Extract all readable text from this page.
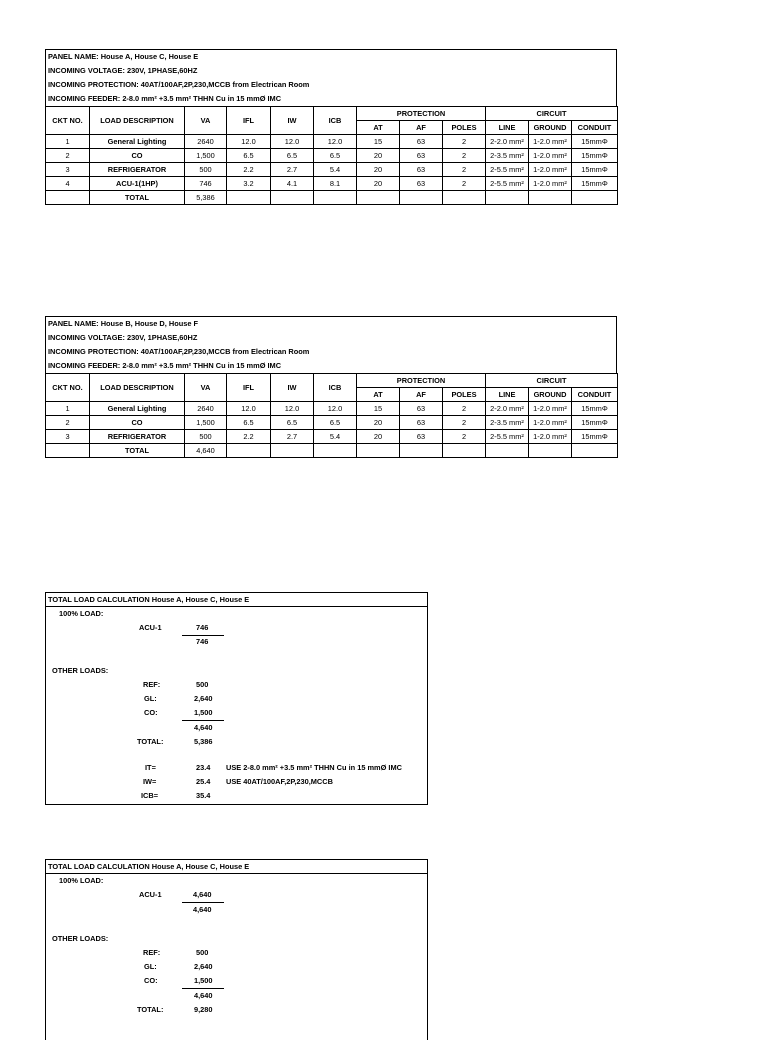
PANEL NAME: House A, House C, House E
INCOMING VOLTAGE: 230V, 1PHASE,60HZ
INCOMING PROTECTION: 40AT/100AF,2P,230,MCCB from Electrican Room
INCOMING FEEDER: 2-8.0 mm² +3.5 mm² THHN Cu in 15 mmØ IMC
CKT NO.	LOAD DESCRIPTION	VA	IFL	IW	ICB	PROTECTION			CIRCUIT		
						AT	AF	POLES	LINE	GROUND	CONDUIT
1	General Lighting	2640	12.0	12.0	12.0	15	63	2	2-2.0 mm²	1-2.0 mm²	15mmΦ
2	CO	1,500	6.5	6.5	6.5	20	63	2	2-3.5 mm²	1-2.0 mm²	15mmΦ
3	REFRIGERATOR	500	2.2	2.7	5.4	20	63	2	2-5.5 mm²	1-2.0 mm²	15mmΦ
4	ACU-1(1HP)	746	3.2	4.1	8.1	20	63	2	2-5.5 mm²	1-2.0 mm²	15mmΦ
	TOTAL	5,386									
PANEL NAME: House B, House D, House F
INCOMING VOLTAGE: 230V, 1PHASE,60HZ
INCOMING PROTECTION: 40AT/100AF,2P,230,MCCB from Electrican Room
INCOMING FEEDER: 2-8.0 mm² +3.5 mm² THHN Cu in 15 mmØ IMC
CKT NO.	LOAD DESCRIPTION	VA	IFL	IW	ICB	PROTECTION			CIRCUIT		
						AT	AF	POLES	LINE	GROUND	CONDUIT
1	General Lighting	2640	12.0	12.0	12.0	15	63	2	2-2.0 mm²	1-2.0 mm²	15mmΦ
2	CO	1,500	6.5	6.5	6.5	20	63	2	2-3.5 mm²	1-2.0 mm²	15mmΦ
3	REFRIGERATOR	500	2.2	2.7	5.4	20	63	2	2-5.5 mm²	1-2.0 mm²	15mmΦ
	TOTAL	4,640									
TOTAL LOAD CALCULATION House A, House C, House E
100% LOAD:
ACU-1	746
746
OTHER LOADS:
REF:	500
GL:	2,640
CO:	1,500
4,640
TOTAL:	5,386
IT=	23.4 USE 2-8.0 mm² +3.5 mm² THHN Cu in 15 mmØ IMC
IW=	25.4 USE 40AT/100AF,2P,230,MCCB
ICB=	35.4
TOTAL LOAD CALCULATION House A, House C, House E
100% LOAD:
ACU-1	4,640
4,640
OTHER LOADS:
REF:	500
GL:	2,640
CO:	1,500
4,640
TOTAL:	9,280
